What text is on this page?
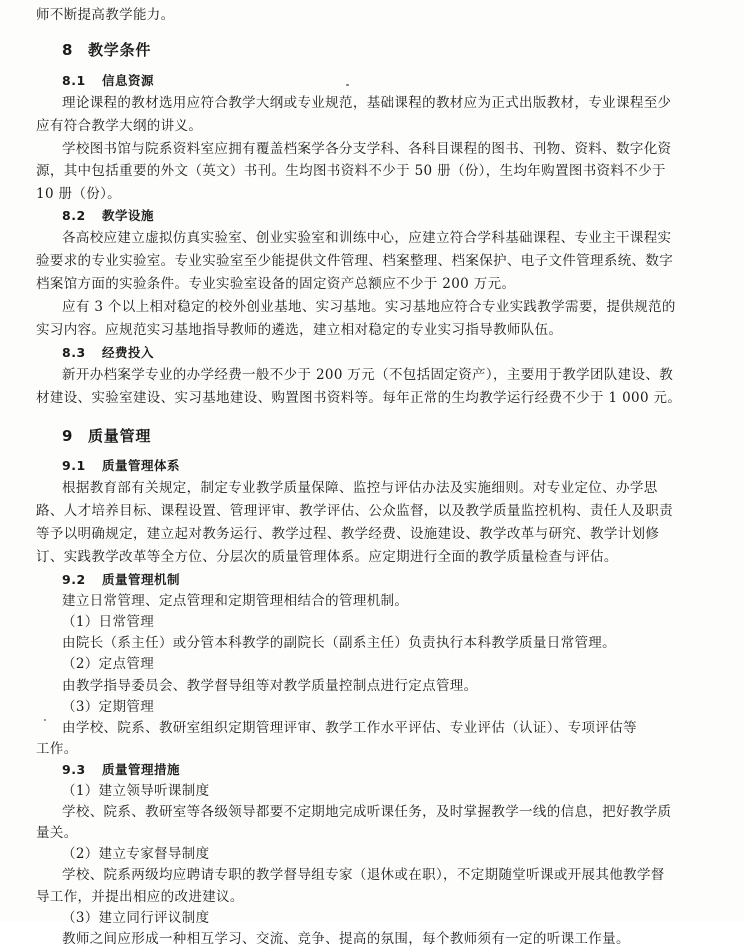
师不断提高教学能力。
8 教学条件
8.1 信息资源
理论课程的教材选用应符合教学大纲或专业规范，基础课程的教材应为正式出版教材，专业课程至少
应有符合教学大纲的讲义。
学校图书馆与院系资料室应拥有覆盖档案学各分支学科、各科目课程的图书、刊物、资料、数字化资
源，其中包括重要的外文（英文）书刊。生均图书资料不少于 50 册（份），生均年购置图书资料不少于
10 册（份）。
8.2 教学设施
各高校应建立虚拟仿真实验室、创业实验室和训练中心，应建立符合学科基础课程、专业主干课程实
验要求的专业实验室。专业实验室至少能提供文件管理、档案整理、档案保护、电子文件管理系统、数字
档案馆方面的实验条件。专业实验室设备的固定资产总额应不少于 200 万元。
应有 3 个以上相对稳定的校外创业基地、实习基地。实习基地应符合专业实践教学需要，提供规范的
实习内容。应规范实习基地指导教师的遴选，建立相对稳定的专业实习指导教师队伍。
8.3 经费投入
新开办档案学专业的办学经费一般不少于 200 万元（不包括固定资产），主要用于教学团队建设、教
材建设、实验室建设、实习基地建设、购置图书资料等。每年正常的生均教学运行经费不少于 1 000 元。
9 质量管理
9.1 质量管理体系
根据教育部有关规定，制定专业教学质量保障、监控与评估办法及实施细则。对专业定位、办学思
路、人才培养目标、课程设置、管理评审、教学评估、公众监督，以及教学质量监控机构、责任人及职责
等予以明确规定，建立起对教务运行、教学过程、教学经费、设施建设、教学改革与研究、教学计划修
订、实践教学改革等全方位、分层次的质量管理体系。应定期进行全面的教学质量检查与评估。
9.2 质量管理机制
建立日常管理、定点管理和定期管理相结合的管理机制。
（1）日常管理
由院长（系主任）或分管本科教学的副院长（副系主任）负责执行本科教学质量日常管理。
（2）定点管理
由教学指导委员会、教学督导组等对教学质量控制点进行定点管理。
（3）定期管理
由学校、院系、教研室组织定期管理评审、教学工作水平评估、专业评估（认证）、专项评估等
工作。
9.3 质量管理措施
（1）建立领导听课制度
学校、院系、教研室等各级领导都要不定期地完成听课任务，及时掌握教学一线的信息，把好教学质
量关。
（2）建立专家督导制度
学校、院系两级均应聘请专职的教学督导组专家（退休或在职），不定期随堂听课或开展其他教学督
导工作，并提出相应的改进建议。
（3）建立同行评议制度
教师之间应形成一种相互学习、交流、竞争、提高的氛围，每个教师须有一定的听课工作量。
